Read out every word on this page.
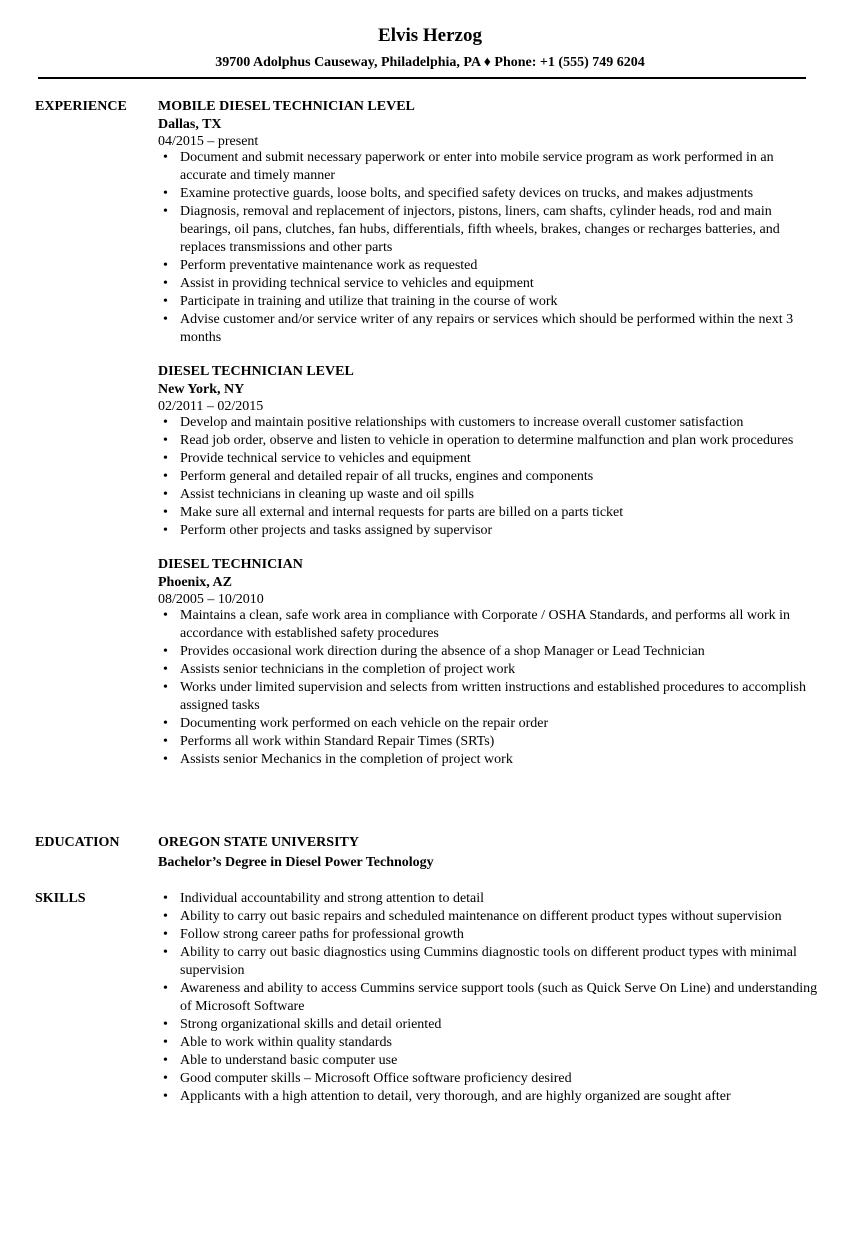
Elvis Herzog
39700 Adolphus Causeway, Philadelphia, PA ♦ Phone: +1 (555) 749 6204
EXPERIENCE MOBILE DIESEL TECHNICIAN LEVEL
Dallas, TX
04/2015 – present
• Document and submit necessary paperwork or enter into mobile service program as work performed in an accurate and timely manner
• Examine protective guards, loose bolts, and specified safety devices on trucks, and makes adjustments
• Diagnosis, removal and replacement of injectors, pistons, liners, cam shafts, cylinder heads, rod and main bearings, oil pans, clutches, fan hubs, differentials, fifth wheels, brakes, changes or recharges batteries, and replaces transmissions and other parts
• Perform preventative maintenance work as requested
• Assist in providing technical service to vehicles and equipment
• Participate in training and utilize that training in the course of work
• Advise customer and/or service writer of any repairs or services which should be performed within the next 3 months
DIESEL TECHNICIAN LEVEL
New York, NY
02/2011 – 02/2015
• Develop and maintain positive relationships with customers to increase overall customer satisfaction
• Read job order, observe and listen to vehicle in operation to determine malfunction and plan work procedures
• Provide technical service to vehicles and equipment
• Perform general and detailed repair of all trucks, engines and components
• Assist technicians in cleaning up waste and oil spills
• Make sure all external and internal requests for parts are billed on a parts ticket
• Perform other projects and tasks assigned by supervisor
DIESEL TECHNICIAN
Phoenix, AZ
08/2005 – 10/2010
• Maintains a clean, safe work area in compliance with Corporate / OSHA Standards, and performs all work in accordance with established safety procedures
• Provides occasional work direction during the absence of a shop Manager or Lead Technician
• Assists senior technicians in the completion of project work
• Works under limited supervision and selects from written instructions and established procedures to accomplish assigned tasks
• Documenting work performed on each vehicle on the repair order
• Performs all work within Standard Repair Times (SRTs)
• Assists senior Mechanics in the completion of project work
EDUCATION	OREGON STATE UNIVERSITY
Bachelor’s Degree in Diesel Power Technology
SKILLS	• Individual accountability and strong attention to detail
• Ability to carry out basic repairs and scheduled maintenance on different product types without supervision
• Follow strong career paths for professional growth
• Ability to carry out basic diagnostics using Cummins diagnostic tools on different product types with minimal supervision
• Awareness and ability to access Cummins service support tools (such as Quick Serve On Line) and understanding of Microsoft Software
• Strong organizational skills and detail oriented
• Able to work within quality standards
• Able to understand basic computer use
• Good computer skills – Microsoft Office software proficiency desired
• Applicants with a high attention to detail, very thorough, and are highly organized are sought after
